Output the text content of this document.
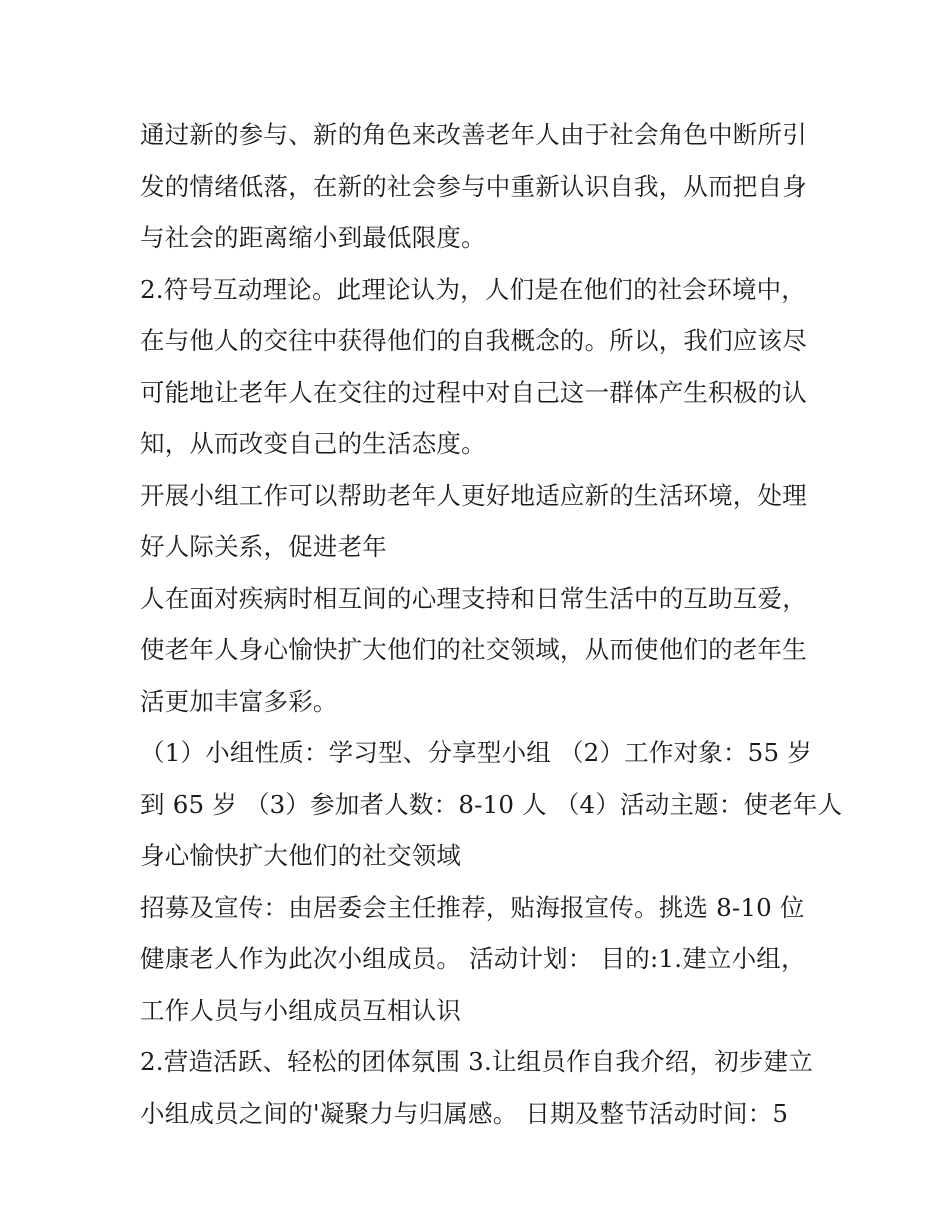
通过新的参与、新的角色来改善老年人由于社会角色中断所引
发的情绪低落，在新的社会参与中重新认识自我，从而把自身
与社会的距离缩小到最低限度。
2.符号互动理论。此理论认为，人们是在他们的社会环境中，
在与他人的交往中获得他们的自我概念的。所以，我们应该尽
可能地让老年人在交往的过程中对自己这一群体产生积极的认
知，从而改变自己的生活态度。
开展小组工作可以帮助老年人更好地适应新的生活环境，处理
好人际关系，促进老年
人在面对疾病时相互间的心理支持和日常生活中的互助互爱，
使老年人身心愉快扩大他们的社交领域，从而使他们的老年生
活更加丰富多彩。
（1）小组性质：学习型、分享型小组 （2）工作对象：55 岁
到 65 岁 （3）参加者人数：8-10 人 （4）活动主题：使老年人
身心愉快扩大他们的社交领域
招募及宣传：由居委会主任推荐，贴海报宣传。挑选 8-10 位
健康老人作为此次小组成员。 活动计划： 目的:1.建立小组，
工作人员与小组成员互相认识
2.营造活跃、轻松的团体氛围 3.让组员作自我介绍，初步建立
小组成员之间的'凝聚力与归属感。 日期及整节活动时间：5
